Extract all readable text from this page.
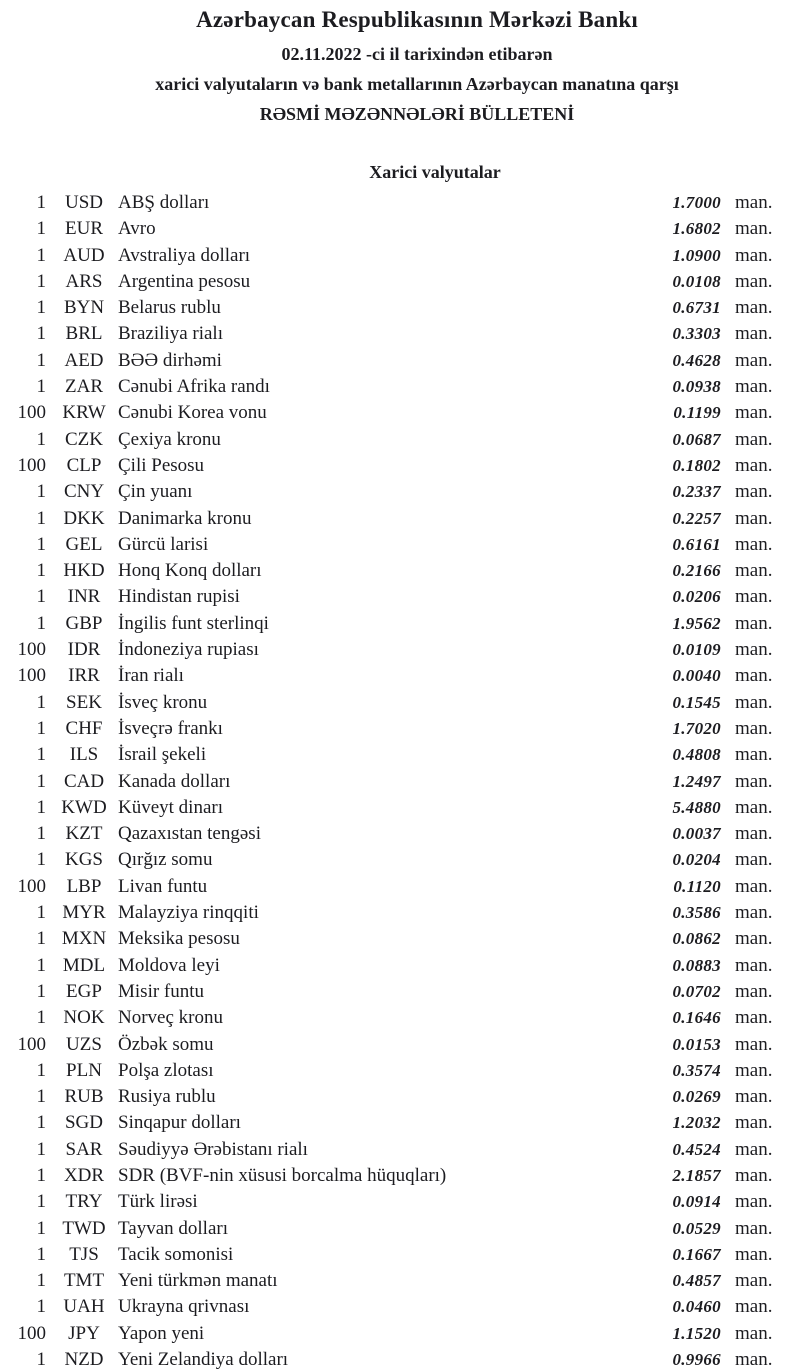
Azərbaycan Respublikasının Mərkəzi Bankı
02.11.2022 -ci il tarixindən etibarən
xarici valyutaların və bank metallarının Azərbaycan manatına qarşı
RƏSMİ MƏZƏNNƏLƏRİ BÜLLETENİ
Xarici valyutalar
1 USD ABŞ dolları	1.7000 man.
1	EUR Avro	1.6802 man.
1 AUD Avstraliya dolları	1.0900 man.
1	ARS Argentina pesosu	0.0108 man.
1 BYN Belarus rublu	0.6731 man.
1	BRL Braziliya rialı	0.3303 man.
1 AED BƏƏ dirhəmi	0.4628 man.
1	ZAR Cənubi Afrika randı	0.0938 man.
100 KRW Cənubi Korea vonu	0.1199 man.
1	CZK Çexiya kronu	0.0687 man.
100	CLP Çili Pesosu	0.1802 man.
1 CNY Çin yuanı	0.2337 man.
1 DKK Danimarka kronu	0.2257 man.
1	GEL Gürcü larisi	0.6161 man.
1 HKD Honq Konq dolları	0.2166 man.
1	INR Hindistan rupisi	0.0206 man.
1	GBP İngilis funt sterlinqi	1.9562 man.
100	IDR İndoneziya rupiası	0.0109 man.
100	IRR İran rialı	0.0040 man.
1	SEK İsveç kronu	0.1545 man.
1	CHF İsveçrə frankı	1.7020 man.
1	ILS	İsrail şekeli	0.4808 man.
1 CAD Kanada dolları	1.2497 man.
1 KWD Küveyt dinarı	5.4880 man.
1	KZT Qazaxıstan tengəsi	0.0037 man.
1 KGS Qırğız somu	0.0204 man.
100	LBP Livan funtu	0.1120 man.
1 MYR Malayziya rinqqiti	0.3586 man.
1 MXN Meksika pesosu	0.0862 man.
1 MDL Moldova leyi	0.0883 man.
1	EGP Misir funtu	0.0702 man.
1 NOK Norveç kronu	0.1646 man.
100	UZS Özbək somu	0.0153 man.
1	PLN Polşa zlotası	0.3574 man.
1 RUB Rusiya rublu	0.0269 man.
1 SGD Sinqapur dolları	1.2032 man.
1	SAR Səudiyyə Ərəbistanı rialı	0.4524 man.
1 XDR SDR (BVF-nin xüsusi borcalma hüquqları)	2.1857 man.
1	TRY Türk lirəsi	0.0914 man.
1 TWD Tayvan dolları	0.0529 man.
1	TJS	Tacik somonisi	0.1667 man.
1 TMT Yeni türkmən manatı	0.4857 man.
1 UAH Ukrayna qrivnası	0.0460 man.
100	JPY Yapon yeni	1.1520 man.
1 NZD Yeni Zelandiya dolları	0.9966 man.
